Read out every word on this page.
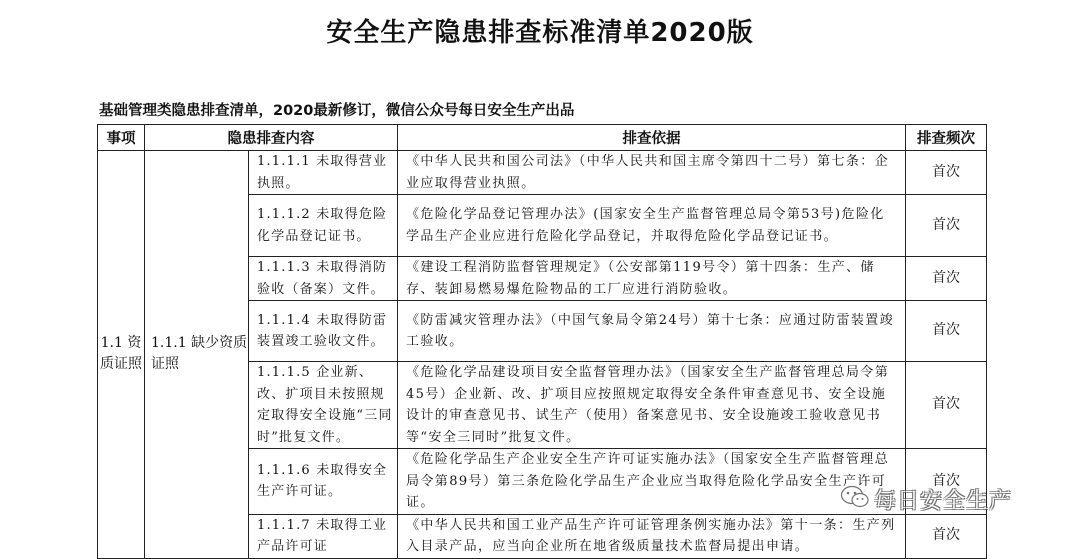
安全生产隐患排查标准清单2020版
基础管理类隐患排查清单，2020最新修订，微信公众号每日安全生产出品
事项	隐患排查内容		排查依据	排查频次
1.1 资质证照	1.1.1 缺少资质证照	1.1.1.1 未取得营业执照。	《中华人民共和国公司法》（中华人民共和国主席令第四十二号）第七条：企业应取得营业执照。	首次
		1.1.1.2 未取得危险化学品登记证书。	《危险化学品登记管理办法》(国家安全生产监督管理总局令第53号)危险化学品生产企业应进行危险化学品登记，并取得危险化学品登记证书。	首次
		1.1.1.3 未取得消防验收（备案）文件。	《建设工程消防监督管理规定》（公安部第119号令）第十四条：生产、储存、装卸易燃易爆危险物品的工厂应进行消防验收。	首次
		1.1.1.4 未取得防雷装置竣工验收文件。	《防雷减灾管理办法》（中国气象局令第24号）第十七条：应通过防雷装置竣工验收。	首次
		1.1.1.5 企业新、改、扩项目未按照规定取得安全设施“三同时”批复文件。	《危险化学品建设项目安全监督管理办法》（国家安全生产监督管理总局令第45号）企业新、改、扩项目应按照规定取得安全条件审查意见书、安全设施设计的审查意见书、试生产（使用）备案意见书、安全设施竣工验收意见书等“安全三同时”批复文件。	首次
		1.1.1.6 未取得安全生产许可证。	《危险化学品生产企业安全生产许可证实施办法》（国家安全生产监督管理总局令第89号）第三条危险化学品生产企业应当取得危险化学品安全生产许可证。	首次
		1.1.1.7 未取得工业产品许可证	《中华人民共和国工业产品生产许可证管理条例实施办法》第十一条：生产列入目录产品，应当向企业所在地省级质量技术监督局提出申请。	首次
每日安全生产
